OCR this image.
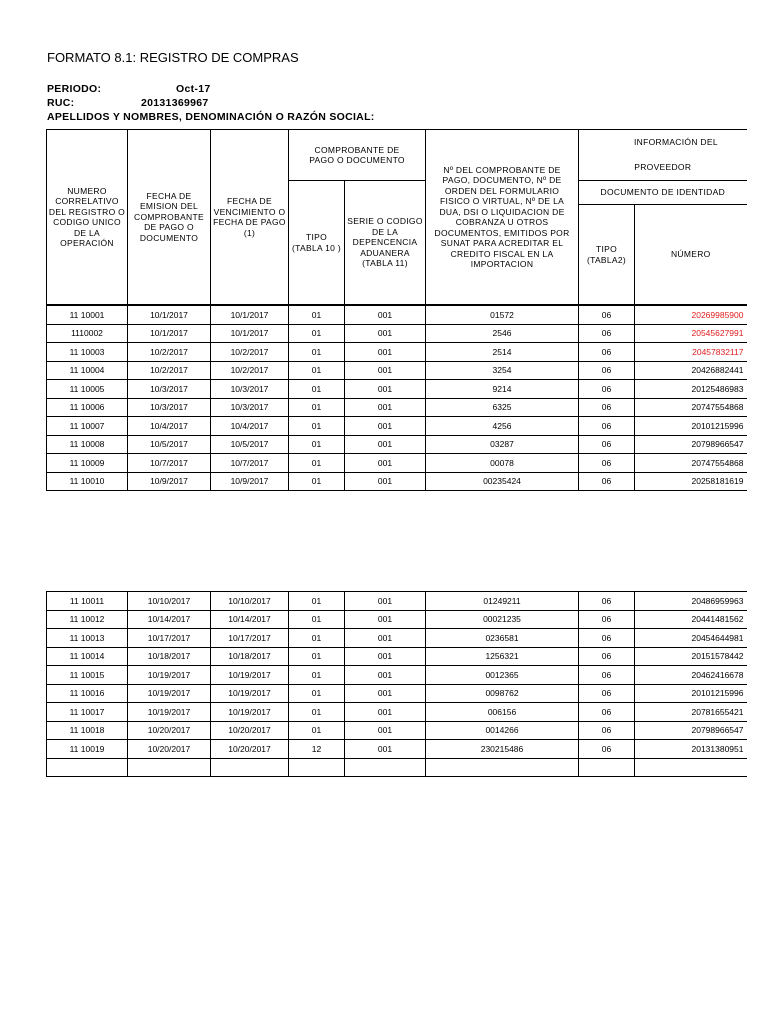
FORMATO 8.1: REGISTRO DE COMPRAS
PERIODO:	Oct-17
RUC:	20131369967
APELLIDOS Y NOMBRES, DENOMINACIÓN O RAZÓN SOCIAL:
NUMERO CORRELATIVO DEL REGISTRO O CODIGO UNICO DE LA OPERACIÓN	FECHA DE EMISION DEL COMPROBANTE DE PAGO O DOCUMENTO	FECHA DE VENCIMIENTO O FECHA DE PAGO (1)	COMPROBANTE DE PAGO O DOCUMENTO		Nº DEL COMPROBANTE DE PAGO, DOCUMENTO, Nº DE ORDEN DEL FORMULARIO FISICO O VIRTUAL, Nº DE LA DUA, DSI O LIQUIDACION DE COBRANZA U OTROS DOCUMENTOS, EMITIDOS POR SUNAT PARA ACREDITAR EL CREDITO FISCAL EN LA IMPORTACION	INFORMACIÓN DEL
PROVEEDOR	

			TIPO (TABLA 10 )	SERIE O CODIGO DE LA DEPENCENCIA ADUANERA (TABLA 11)		DOCUMENTO DE IDENTIDAD	
						TIPO (TABLA2)	NÚMERO
11 10001	10/1/2017	10/1/2017	01	001	01572	06	20269985900
1110002	10/1/2017	10/1/2017	01	001	2546	06	20545627991
11 10003	10/2/2017	10/2/2017	01	001	2514	06	20457832117
11 10004	10/2/2017	10/2/2017	01	001	3254	06	20426882441
11 10005	10/3/2017	10/3/2017	01	001	9214	06	20125486983
11 10006	10/3/2017	10/3/2017	01	001	6325	06	20747554868
11 10007	10/4/2017	10/4/2017	01	001	4256	06	20101215996
11 10008	10/5/2017	10/5/2017	01	001	03287	06	20798966547
11 10009	10/7/2017	10/7/2017	01	001	00078	06	20747554868
11 10010	10/9/2017	10/9/2017	01	001	00235424	06	20258181619
11 10011	10/10/2017	10/10/2017	01	001	01249211	06	20486959963
11 10012	10/14/2017	10/14/2017	01	001	00021235	06	20441481562
11 10013	10/17/2017	10/17/2017	01	001	0236581	06	20454644981
11 10014	10/18/2017	10/18/2017	01	001	1256321	06	20151578442
11 10015	10/19/2017	10/19/2017	01	001	0012365	06	20462416678
11 10016	10/19/2017	10/19/2017	01	001	0098762	06	20101215996
11 10017	10/19/2017	10/19/2017	01	001	006156	06	20781655421
11 10018	10/20/2017	10/20/2017	01	001	0014266	06	20798966547
11 10019	10/20/2017	10/20/2017	12	001	230215486	06	20131380951
